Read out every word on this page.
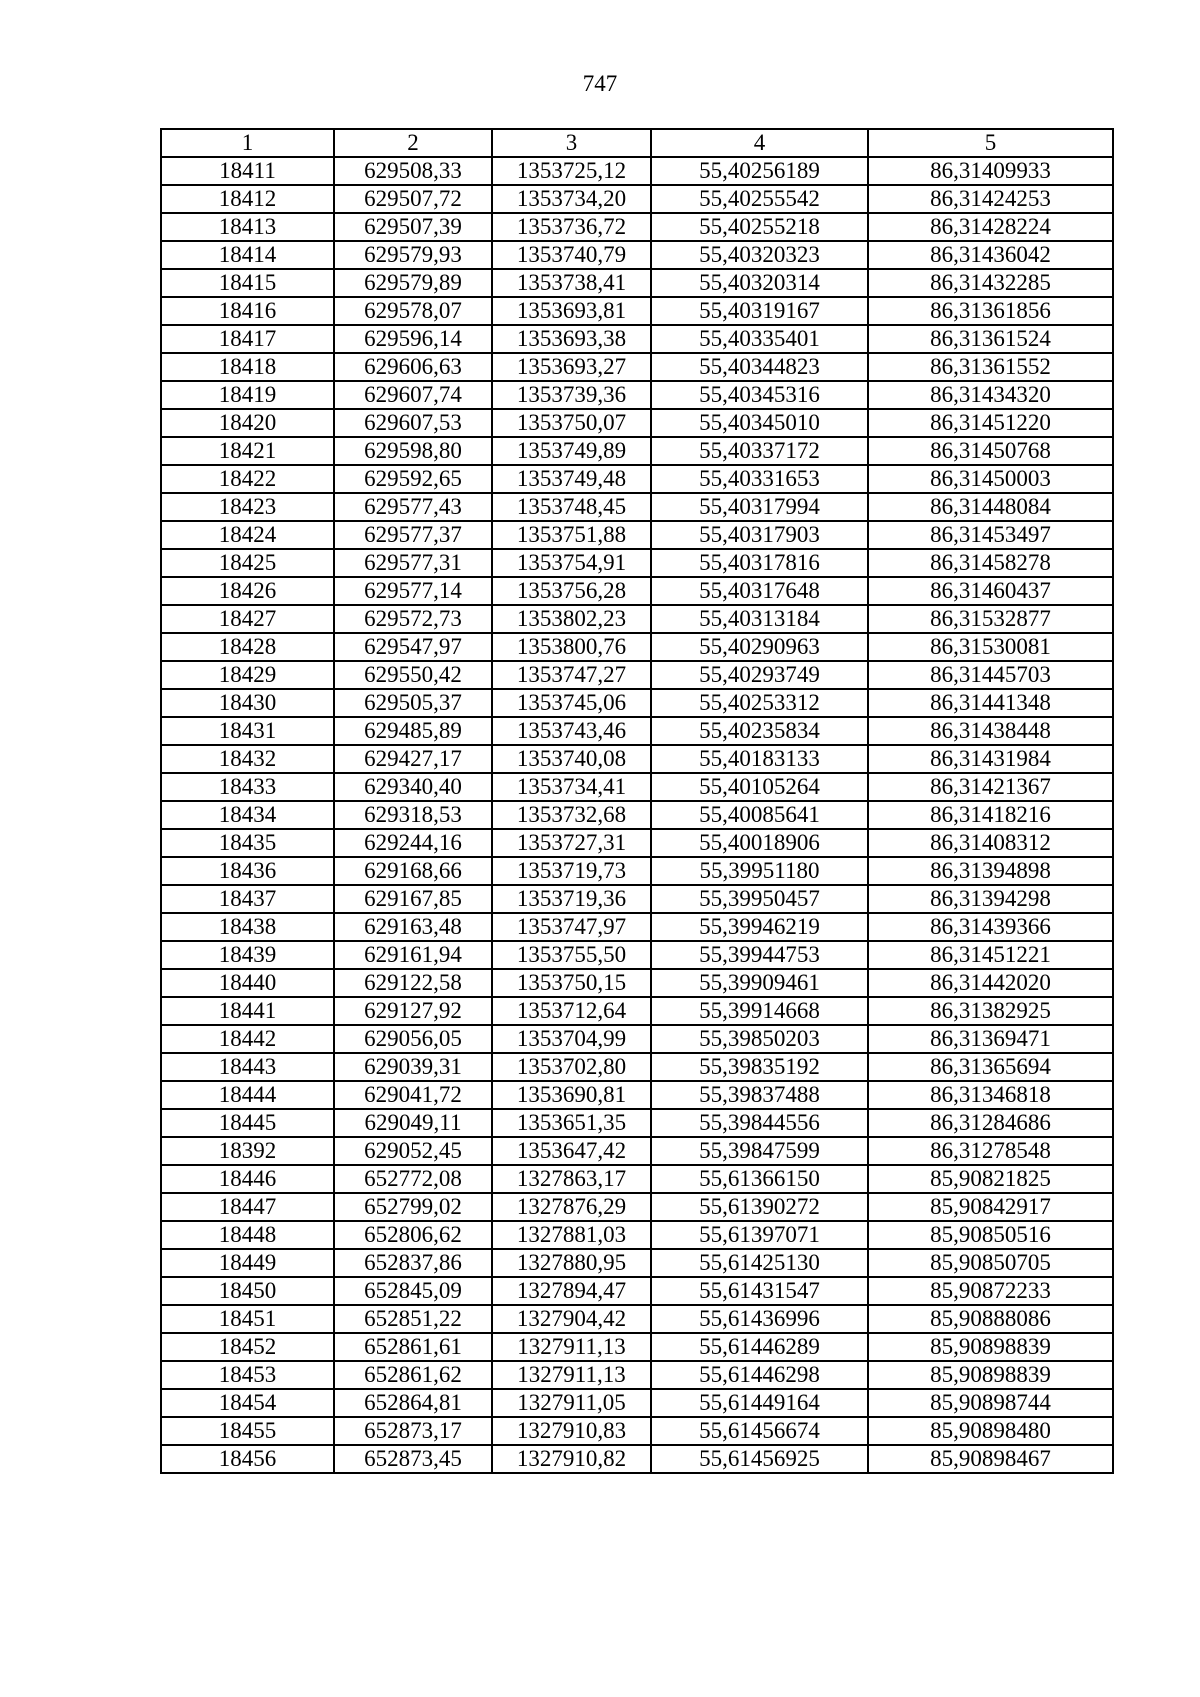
747
1	2	3	4	5
18411	629508,33	1353725,12	55,40256189	86,31409933
18412	629507,72	1353734,20	55,40255542	86,31424253
18413	629507,39	1353736,72	55,40255218	86,31428224
18414	629579,93	1353740,79	55,40320323	86,31436042
18415	629579,89	1353738,41	55,40320314	86,31432285
18416	629578,07	1353693,81	55,40319167	86,31361856
18417	629596,14	1353693,38	55,40335401	86,31361524
18418	629606,63	1353693,27	55,40344823	86,31361552
18419	629607,74	1353739,36	55,40345316	86,31434320
18420	629607,53	1353750,07	55,40345010	86,31451220
18421	629598,80	1353749,89	55,40337172	86,31450768
18422	629592,65	1353749,48	55,40331653	86,31450003
18423	629577,43	1353748,45	55,40317994	86,31448084
18424	629577,37	1353751,88	55,40317903	86,31453497
18425	629577,31	1353754,91	55,40317816	86,31458278
18426	629577,14	1353756,28	55,40317648	86,31460437
18427	629572,73	1353802,23	55,40313184	86,31532877
18428	629547,97	1353800,76	55,40290963	86,31530081
18429	629550,42	1353747,27	55,40293749	86,31445703
18430	629505,37	1353745,06	55,40253312	86,31441348
18431	629485,89	1353743,46	55,40235834	86,31438448
18432	629427,17	1353740,08	55,40183133	86,31431984
18433	629340,40	1353734,41	55,40105264	86,31421367
18434	629318,53	1353732,68	55,40085641	86,31418216
18435	629244,16	1353727,31	55,40018906	86,31408312
18436	629168,66	1353719,73	55,39951180	86,31394898
18437	629167,85	1353719,36	55,39950457	86,31394298
18438	629163,48	1353747,97	55,39946219	86,31439366
18439	629161,94	1353755,50	55,39944753	86,31451221
18440	629122,58	1353750,15	55,39909461	86,31442020
18441	629127,92	1353712,64	55,39914668	86,31382925
18442	629056,05	1353704,99	55,39850203	86,31369471
18443	629039,31	1353702,80	55,39835192	86,31365694
18444	629041,72	1353690,81	55,39837488	86,31346818
18445	629049,11	1353651,35	55,39844556	86,31284686
18392	629052,45	1353647,42	55,39847599	86,31278548
18446	652772,08	1327863,17	55,61366150	85,90821825
18447	652799,02	1327876,29	55,61390272	85,90842917
18448	652806,62	1327881,03	55,61397071	85,90850516
18449	652837,86	1327880,95	55,61425130	85,90850705
18450	652845,09	1327894,47	55,61431547	85,90872233
18451	652851,22	1327904,42	55,61436996	85,90888086
18452	652861,61	1327911,13	55,61446289	85,90898839
18453	652861,62	1327911,13	55,61446298	85,90898839
18454	652864,81	1327911,05	55,61449164	85,90898744
18455	652873,17	1327910,83	55,61456674	85,90898480
18456	652873,45	1327910,82	55,61456925	85,90898467
